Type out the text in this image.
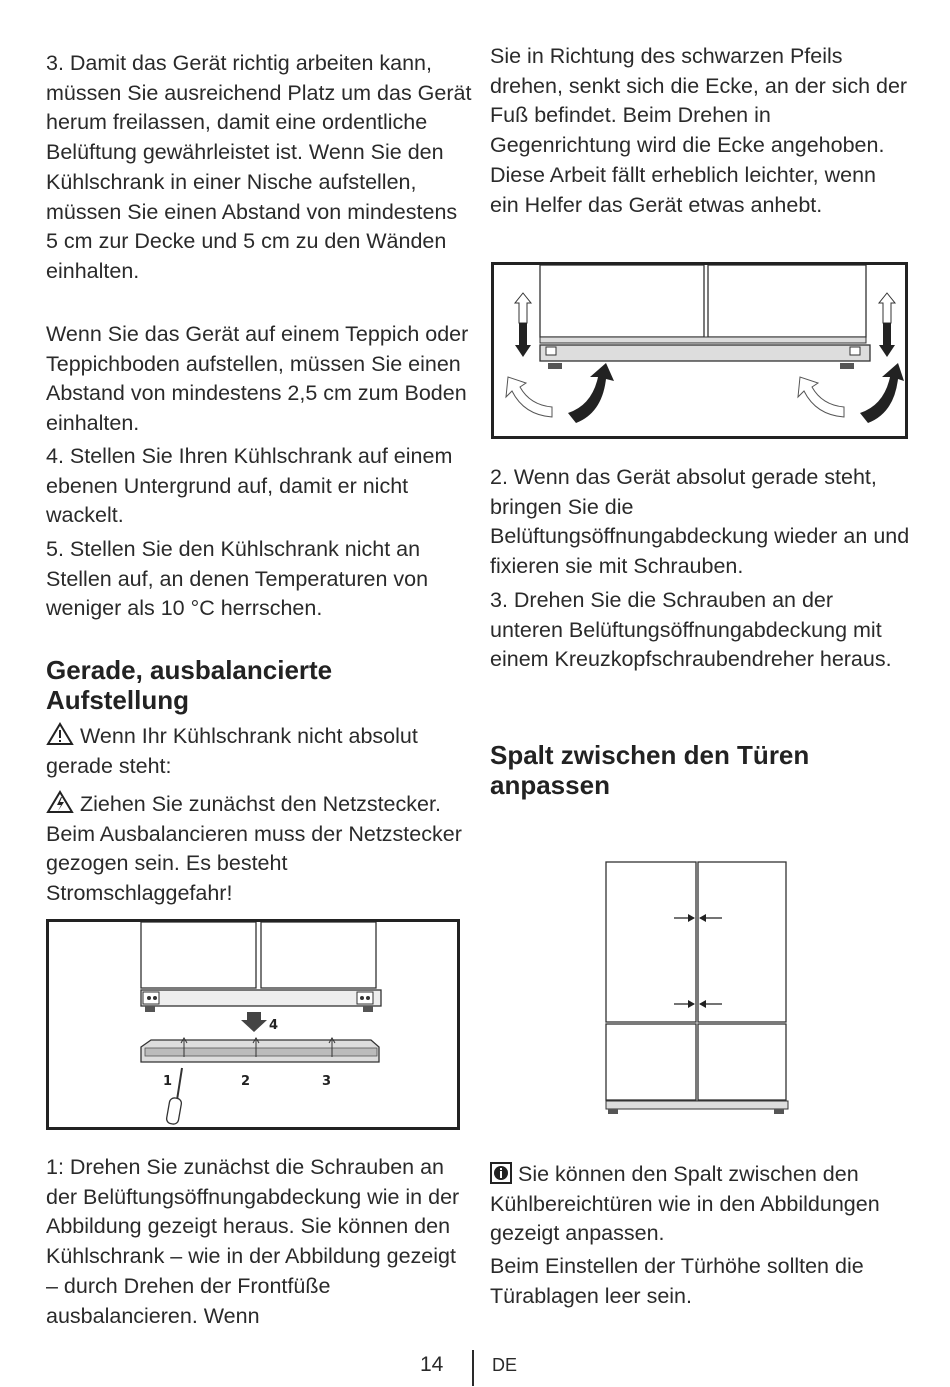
3. Damit das Gerät richtig arbeiten kann, müssen Sie ausreichend Platz um das Gerät herum freilassen, damit eine ordentliche Belüftung gewährleistet ist. Wenn Sie den Kühlschrank in einer Nische aufstellen, müssen Sie einen Abstand von mindestens 5 cm zur Decke und 5 cm zu den Wänden einhalten.

Wenn Sie das Gerät auf einem Teppich oder Teppichboden aufstellen, müssen Sie einen Abstand von mindestens 2,5 cm zum Boden einhalten.

4. Stellen Sie Ihren Kühlschrank auf einem ebenen Untergrund auf, damit er nicht wackelt.

5. Stellen Sie den Kühlschrank nicht an Stellen auf, an denen Temperaturen von weniger als 10 °C herrschen.

Gerade, ausbalancierte Aufstellung

Wenn Ihr Kühlschrank nicht absolut gerade steht:

Ziehen Sie zunächst den Netzstecker. Beim Ausbalancieren muss der Netzstecker gezogen sein. Es besteht Stromschlaggefahr!

4
1	2	3

1: Drehen Sie zunächst die Schrauben an der Belüftungsöffnungabdeckung wie in der Abbildung gezeigt heraus. Sie können den Kühlschrank – wie in der Abbildung gezeigt – durch Drehen der Frontfüße ausbalancieren. Wenn

Sie in Richtung des schwarzen Pfeils drehen, senkt sich die Ecke, an der sich der Fuß befindet. Beim Drehen in Gegenrichtung wird die Ecke angehoben. Diese Arbeit fällt erheblich leichter, wenn ein Helfer das Gerät etwas anhebt.

2. Wenn das Gerät absolut gerade steht, bringen Sie die Belüftungsöffnungabdeckung wieder an und fixieren sie mit Schrauben.

3. Drehen Sie die Schrauben an der unteren Belüftungsöffnungabdeckung mit einem Kreuzkopfschraubendreher heraus.

Spalt zwischen den Türen anpassen

Sie können den Spalt zwischen den Kühlbereichtüren wie in den Abbildungen gezeigt anpassen.

Beim Einstellen der Türhöhe sollten die Türablagen leer sein.

14	DE
